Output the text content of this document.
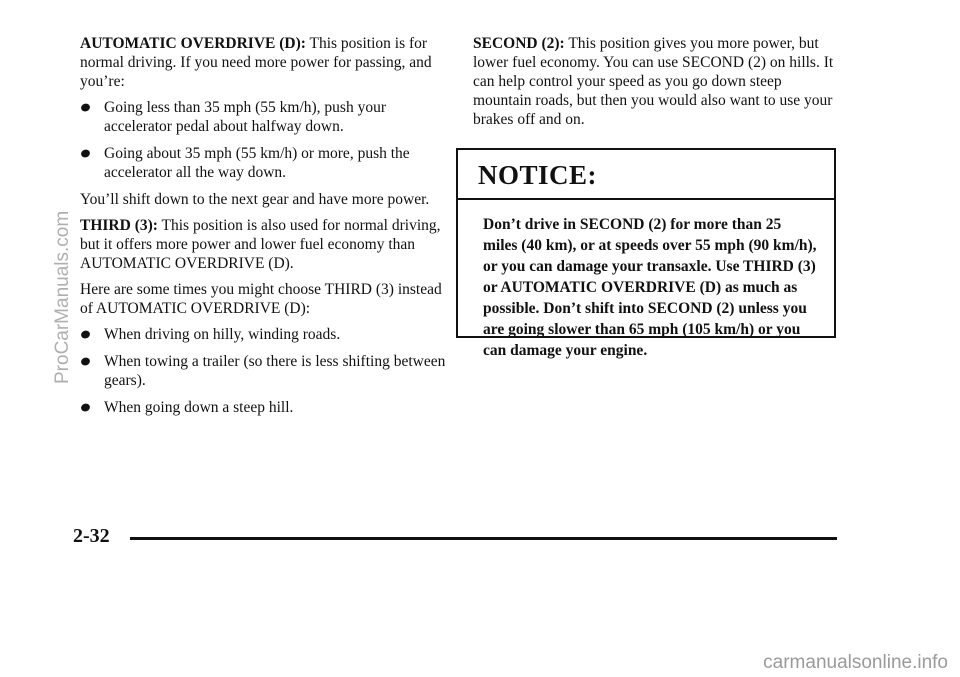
AUTOMATIC OVERDRIVE (D): This position is for normal driving. If you need more power for passing, and you’re:

Going less than 35 mph (55 km/h), push your accelerator pedal about halfway down.
Going about 35 mph (55 km/h) or more, push the accelerator all the way down.

You’ll shift down to the next gear and have more power.

THIRD (3): This position is also used for normal driving, but it offers more power and lower fuel economy than AUTOMATIC OVERDRIVE (D).

Here are some times you might choose THIRD (3) instead of AUTOMATIC OVERDRIVE (D):

When driving on hilly, winding roads.
When towing a trailer (so there is less shifting between gears).
When going down a steep hill.

SECOND (2): This position gives you more power, but lower fuel economy. You can use SECOND (2) on hills. It can help control your speed as you go down steep mountain roads, but then you would also want to use your brakes off and on.

NOTICE:
Don’t drive in SECOND (2) for more than 25 miles (40 km), or at speeds over 55 mph (90 km/h), or you can damage your transaxle. Use THIRD (3) or AUTOMATIC OVERDRIVE (D) as much as possible. Don’t shift into SECOND (2) unless you are going slower than 65 mph (105 km/h) or you can damage your engine.
2-32
ProCarManuals.com
carmanualsonline.info
